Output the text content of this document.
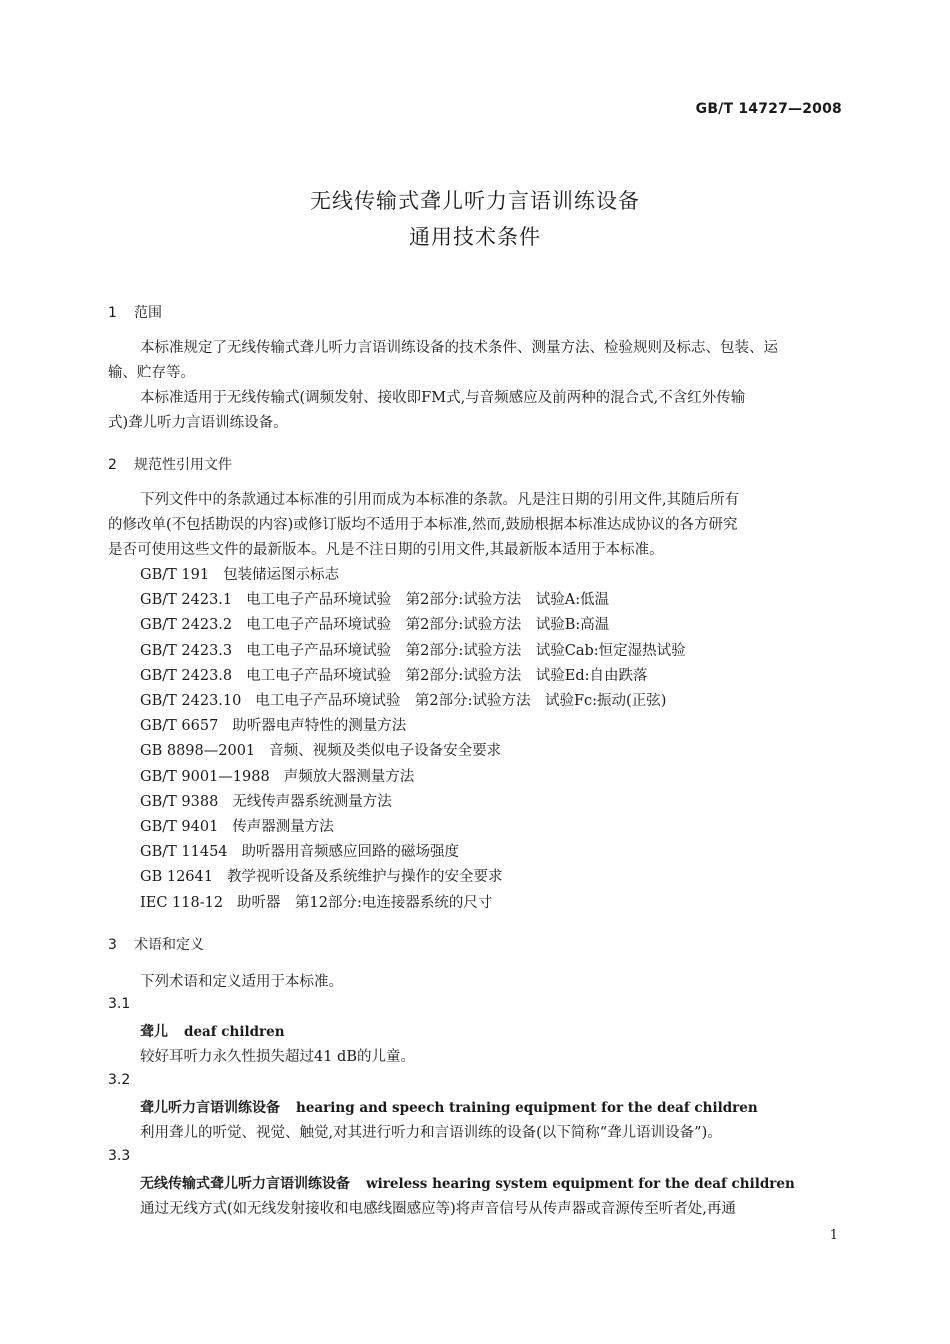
GB/T 14727—2008
无线传输式聋儿听力言语训练设备
通用技术条件
1 范围
本标准规定了无线传输式聋儿听力言语训练设备的技术条件、测量方法、检验规则及标志、包装、运
输、贮存等。
本标准适用于无线传输式(调频发射、接收即FM式,与音频感应及前两种的混合式,不含红外传输
式)聋儿听力言语训练设备。
2 规范性引用文件
下列文件中的条款通过本标准的引用而成为本标准的条款。凡是注日期的引用文件,其随后所有
的修改单(不包括勘误的内容)或修订版均不适用于本标准,然而,鼓励根据本标准达成协议的各方研究
是否可使用这些文件的最新版本。凡是不注日期的引用文件,其最新版本适用于本标准。
GB/T 191 包装储运图示标志
GB/T 2423.1 电工电子产品环境试验　第2部分:试验方法　试验A:低温
GB/T 2423.2 电工电子产品环境试验　第2部分:试验方法　试验B:高温
GB/T 2423.3 电工电子产品环境试验　第2部分:试验方法　试验Cab:恒定湿热试验
GB/T 2423.8 电工电子产品环境试验　第2部分:试验方法　试验Ed:自由跌落
GB/T 2423.10 电工电子产品环境试验　第2部分:试验方法　试验Fc:振动(正弦)
GB/T 6657 助听器电声特性的测量方法
GB 8898—2001 音频、视频及类似电子设备安全要求
GB/T 9001—1988 声频放大器测量方法
GB/T 9388 无线传声器系统测量方法
GB/T 9401 传声器测量方法
GB/T 11454 助听器用音频感应回路的磁场强度
GB 12641 教学视听设备及系统维护与操作的安全要求
IEC 118-12 助听器　第12部分:电连接器系统的尺寸
3 术语和定义
下列术语和定义适用于本标准。
3.1
聋儿 deaf children
较好耳听力永久性损失超过41 dB的儿童。
3.2
聋儿听力言语训练设备 hearing and speech training equipment for the deaf children
利用聋儿的听觉、视觉、触觉,对其进行听力和言语训练的设备(以下简称“聋儿语训设备”)。
3.3
无线传输式聋儿听力言语训练设备 wireless hearing system equipment for the deaf children
通过无线方式(如无线发射接收和电感线圈感应等)将声音信号从传声器或音源传至听者处,再通
1
